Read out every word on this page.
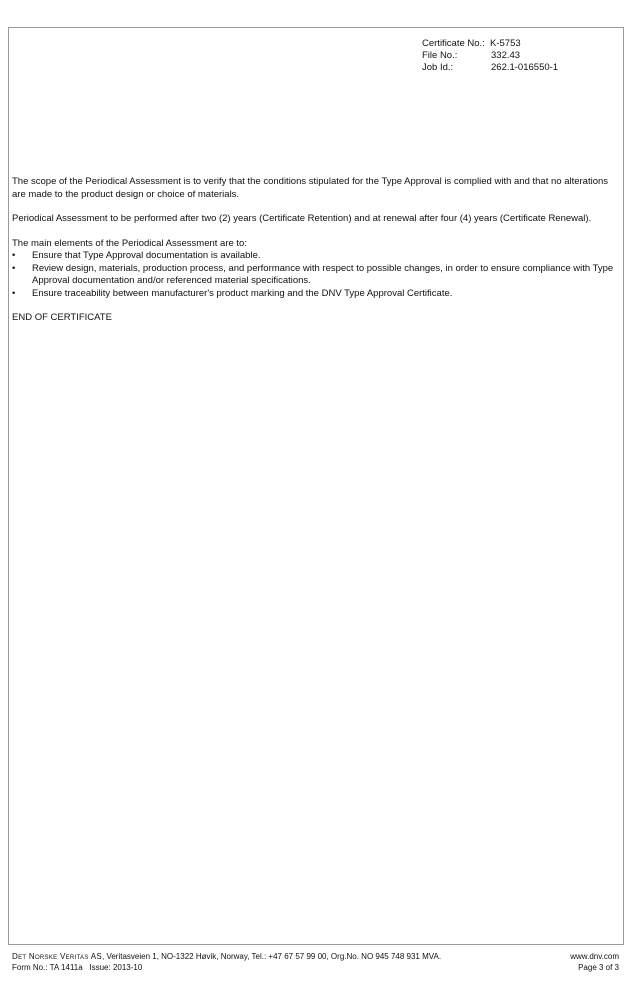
Certificate No.: K-5753
File No.:	332.43
Job Id.:	262.1-016550-1

The scope of the Periodical Assessment is to verify that the conditions stipulated for the Type Approval is complied with and that no alterations are made to the product design or choice of materials.

Periodical Assessment to be performed after two (2) years (Certificate Retention) and at renewal after four (4) years (Certificate Renewal).

The main elements of the Periodical Assessment are to:
• Ensure that Type Approval documentation is available.
• Review design, materials, production process, and performance with respect to possible changes, in order to ensure compliance with Type Approval documentation and/or referenced material specifications.
• Ensure traceability between manufacturer's product marking and the DNV Type Approval Certificate.

END OF CERTIFICATE

Det Norske Veritas AS, Veritasveien 1, NO-1322 Høvik, Norway, Tel.: +47 67 57 99 00, Org.No. NO 945 748 931 MVA.	www.dnv.com
Form No.: TA 1411a Issue: 2013-10	Page 3 of 3
